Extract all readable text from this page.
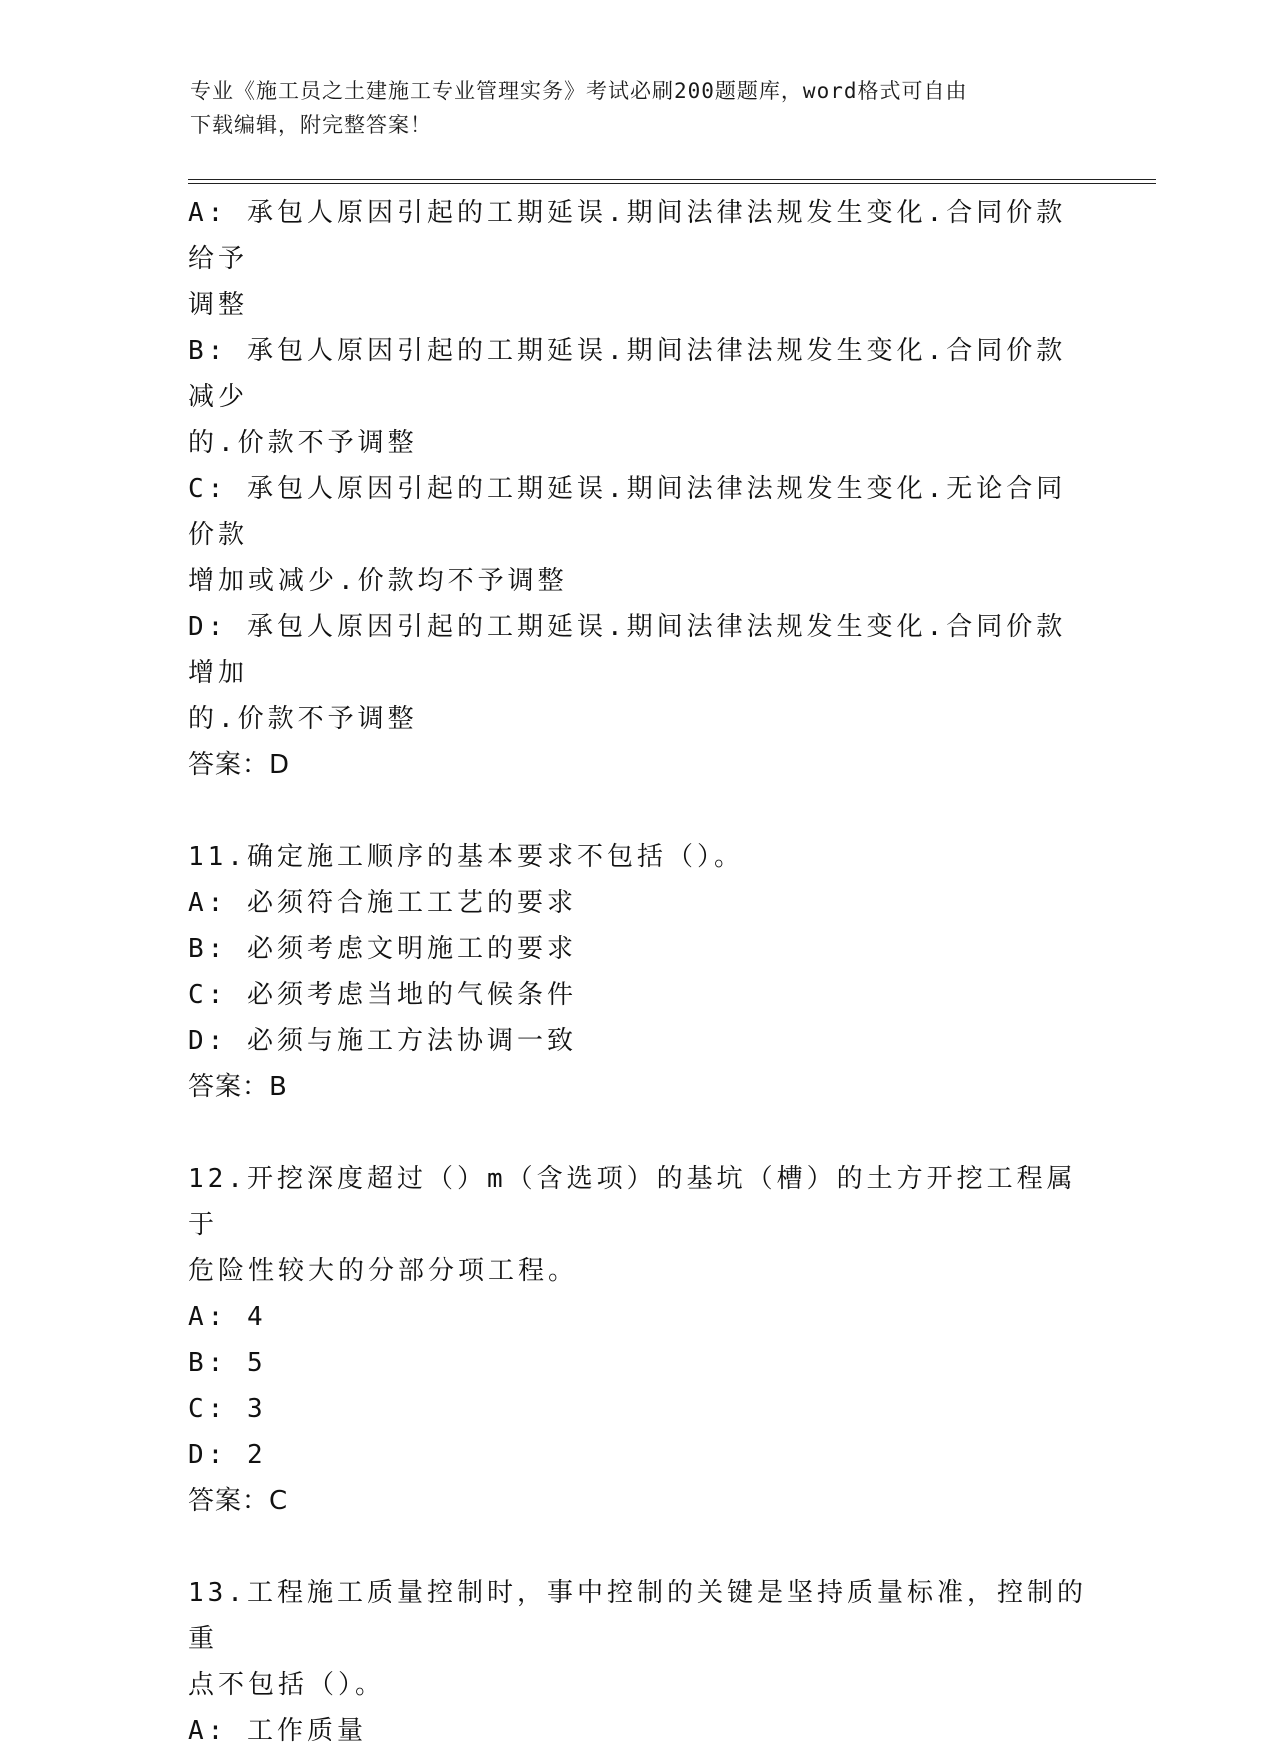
专业《施工员之土建施工专业管理实务》考试必刷200题题库，word格式可自由
下载编辑，附完整答案！
A: 承包人原因引起的工期延误.期间法律法规发生变化.合同价款给予
调整
B: 承包人原因引起的工期延误.期间法律法规发生变化.合同价款减少
的.价款不予调整
C: 承包人原因引起的工期延误.期间法律法规发生变化.无论合同价款
增加或减少.价款均不予调整
D: 承包人原因引起的工期延误.期间法律法规发生变化.合同价款增加
的.价款不予调整
答案：D
11.确定施工顺序的基本要求不包括（）。
A: 必须符合施工工艺的要求
B: 必须考虑文明施工的要求
C: 必须考虑当地的气候条件
D: 必须与施工方法协调一致
答案：B
12.开挖深度超过（）m（含选项）的基坑（槽）的土方开挖工程属于
危险性较大的分部分项工程。
A: 4
B: 5
C: 3
D: 2
答案：C
13.工程施工质量控制时，事中控制的关键是坚持质量标准，控制的重
点不包括（）。
A: 工作质量
